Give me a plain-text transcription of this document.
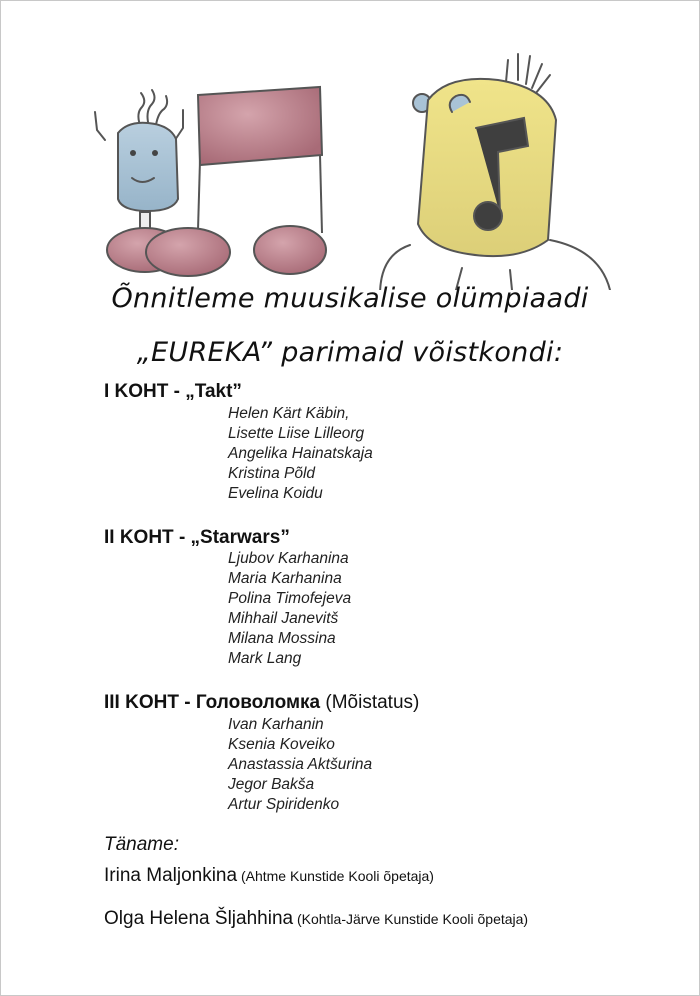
Õnnitleme muusikalise olümpiaadi
„EUREKA” parimaid võistkondi:
I KOHT - „Takt”
Helen Kärt Käbin,
Lisette Liise Lilleorg
Angelika Hainatskaja
Kristina Põld
Evelina Koidu
II KOHT - „Starwars”
Ljubov Karhanina
Maria Karhanina
Polina Timofejeva
Mihhail Janevitš
Milana Mossina
Mark Lang
III KOHT - Головоломка (Mõistatus)
Ivan Karhanin
Ksenia Koveiko
Anastassia Aktšurina
Jegor Bakša
Artur Spiridenko
Täname:
Irina Maljonkina (Ahtme Kunstide Kooli õpetaja)
Olga Helena Šljahhina (Kohtla-Järve Kunstide Kooli õpetaja)
